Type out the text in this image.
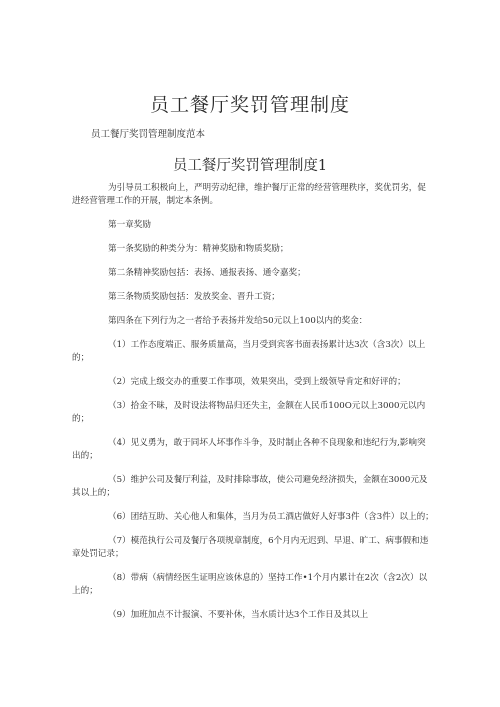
员工餐厅奖罚管理制度

员工餐厅奖罚管理制度范本

员工餐厅奖罚管理制度1

为引导员工积极向上，严明劳动纪律，维护餐厅正常的经营管理秩序，奖优罚劣，促进经营管理工作的开展，制定本条例。

第一章奖励

第一条奖励的种类分为：精神奖励和物质奖励；

第二条精神奖励包括：表扬、通报表扬、通令嘉奖；

第三条物质奖励包括：发放奖金、晋升工资；

第四条在下列行为之一者给予表扬并发给50元以上100以内的奖金：

（1）工作态度端正、服务质量高，当月受到宾客书面表扬累计达3次（含3次）以上的；

（2）完成上级交办的重要工作事项，效果突出，受到上级领导肯定和好评的；

（3）拾金不昧，及时设法将物品归还失主，金额在人民币100O元以上3000元以内的；

（4）见义勇为，敢于同坏人坏事作斗争，及时制止各种不良现象和违纪行为,影响突出的；

（5）维护公司及餐厅利益，及时排除事故，使公司避免经济损失，金额在3000元及其以上的；

（6）团结互助、关心他人和集体，当月为员工酒店做好人好事3件（含3件）以上的；

（7）模范执行公司及餐厅各项规章制度，6个月内无迟到、早退、旷工、病事假和违章处罚记录；

（8）带病（病情经医生证明应该休息的）坚持工作•1个月内累计在2次（含2次）以上的；

（9）加班加点不计报演、不要补休，当水质计达3个工作日及其以上
